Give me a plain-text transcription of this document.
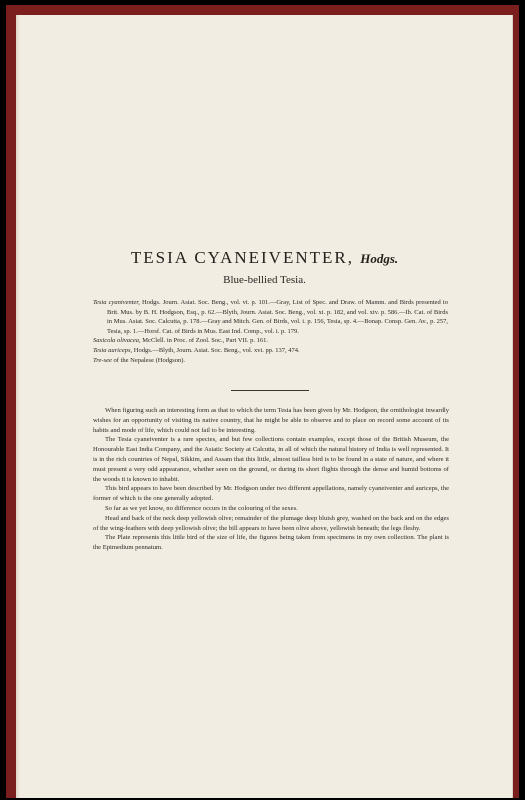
TESIA CYANEIVENTER, Hodgs.

Blue-bellied Tesia.

Tesia cyaniventer, Hodgs. Journ. Asiat. Soc. Beng., vol. vi. p. 101.—Gray, List of Spec. and Draw. of Mamm. and Birds presented to Brit. Mus. by B. H. Hodgson, Esq., p. 62.—Blyth, Journ. Asiat. Soc. Beng., vol. xi. p. 182, and vol. xiv. p. 586.—Ib. Cat. of Birds in Mus. Asiat. Soc. Calcutta, p. 178.—Gray and Mitch. Gen. of Birds, vol. i. p. 156, Tesia, sp. 4.—Bonap. Consp. Gen. Av., p. 257, Tesia, sp. 1.—Horsf. Cat. of Birds in Mus. East Ind. Comp., vol. i. p. 179.

Saxicola olivacea, McClell. in Proc. of Zool. Soc., Part VII. p. 161.

Tesia auriceps, Hodgs.—Blyth, Journ. Asiat. Soc. Beng., vol. xvi. pp. 137, 474.

Tre-see of the Nepalese (Hodgson).

When figuring such an interesting form as that to which the term Tesia has been given by Mr. Hodgson, the ornithologist inwardly wishes for an opportunity of visiting its native country, that he might be able to observe and to place on record some account of its habits and mode of life, which could not fail to be interesting.

The Tesia cyaneiventer is a rare species, and but few collections contain examples, except those of the British Museum, the Honourable East India Company, and the Asiatic Society at Calcutta, in all of which the natural history of India is well represented. It is in the rich countries of Nepal, Sikkim, and Assam that this little, almost tailless bird is to be found in a state of nature, and where it must present a very odd appearance, whether seen on the ground, or during its short flights through the dense and humid bottoms of the woods it is known to inhabit.

This bird appears to have been described by Mr. Hodgson under two different appellations, namely cyaneiventer and auriceps, the former of which is the one generally adopted.

So far as we yet know, no difference occurs in the colouring of the sexes.

Head and back of the neck deep yellowish olive; remainder of the plumage deep bluish grey, washed on the back and on the edges of the wing-feathers with deep yellowish olive; the bill appears to have been olive above, yellowish beneath; the legs fleshy.

The Plate represents this little bird of the size of life, the figures being taken from specimens in my own collection. The plant is the Epimedium pennatum.
